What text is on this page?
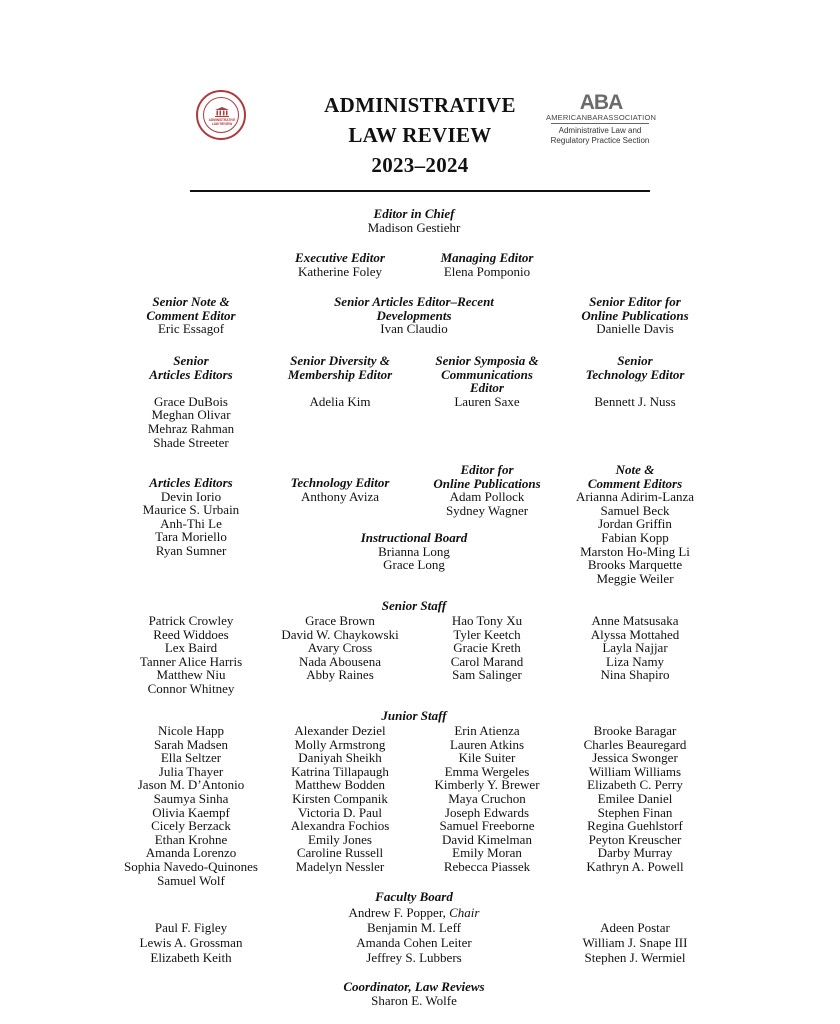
ADMINISTRATIVE
LAW REVIEW
ABA
AMERICANBARASSOCIATION
Administrative Law and
Regulatory Practice Section
ADMINISTRATIVE
LAW REVIEW
2023–2024
Editor in Chief
Madison Gestiehr
Executive Editor
Katherine Foley
Managing Editor
Elena Pomponio
Senior Note &
Comment Editor
Eric Essagof
Senior Articles Editor–Recent
Developments
Ivan Claudio
Senior Editor for
Online Publications
Danielle Davis
Senior
Articles Editors

Grace DuBois
Meghan Olivar
Mehraz Rahman
Shade Streeter
Senior Diversity &
Membership Editor

Adelia Kim
Senior Symposia &
Communications
Editor
Lauren Saxe
Senior
Technology Editor

Bennett J. Nuss
Articles Editors
Devin Iorio
Maurice S. Urbain
Anh-Thi Le
Tara Moriello
Ryan Sumner
Technology Editor
Anthony Aviza
Editor for
Online Publications
Adam Pollock
Sydney Wagner
Note &
Comment Editors
Arianna Adirim-Lanza
Samuel Beck
Jordan Griffin
Fabian Kopp
Marston Ho-Ming Li
Brooks Marquette
Meggie Weiler
Instructional Board
Brianna Long
Grace Long
Senior Staff
Patrick Crowley
Reed Widdoes
Lex Baird
Tanner Alice Harris
Matthew Niu
Connor Whitney
Grace Brown
David W. Chaykowski
Avary Cross
Nada Abousena
Abby Raines
Hao Tony Xu
Tyler Keetch
Gracie Kreth
Carol Marand
Sam Salinger
Anne Matsusaka
Alyssa Mottahed
Layla Najjar
Liza Namy
Nina Shapiro
Junior Staff
Nicole Happ
Sarah Madsen
Ella Seltzer
Julia Thayer
Jason M. D’Antonio
Saumya Sinha
Olivia Kaempf
Cicely Berzack
Ethan Krohne
Amanda Lorenzo
Sophia Navedo-Quinones
Samuel Wolf
Alexander Deziel
Molly Armstrong
Daniyah Sheikh
Katrina Tillapaugh
Matthew Bodden
Kirsten Companik
Victoria D. Paul
Alexandra Fochios
Emily Jones
Caroline Russell
Madelyn Nessler
Erin Atienza
Lauren Atkins
Kile Suiter
Emma Wergeles
Kimberly Y. Brewer
Maya Cruchon
Joseph Edwards
Samuel Freeborne
David Kimelman
Emily Moran
Rebecca Piassek
Brooke Baragar
Charles Beauregard
Jessica Swonger
William Williams
Elizabeth C. Perry
Emilee Daniel
Stephen Finan
Regina Guehlstorf
Peyton Kreuscher
Darby Murray
Kathryn A. Powell
Faculty Board
Andrew F. Popper, Chair
Paul F. Figley
Lewis A. Grossman
Elizabeth Keith
Benjamin M. Leff
Amanda Cohen Leiter
Jeffrey S. Lubbers
Adeen Postar
William J. Snape III
Stephen J. Wermiel
Coordinator, Law Reviews
Sharon E. Wolfe
